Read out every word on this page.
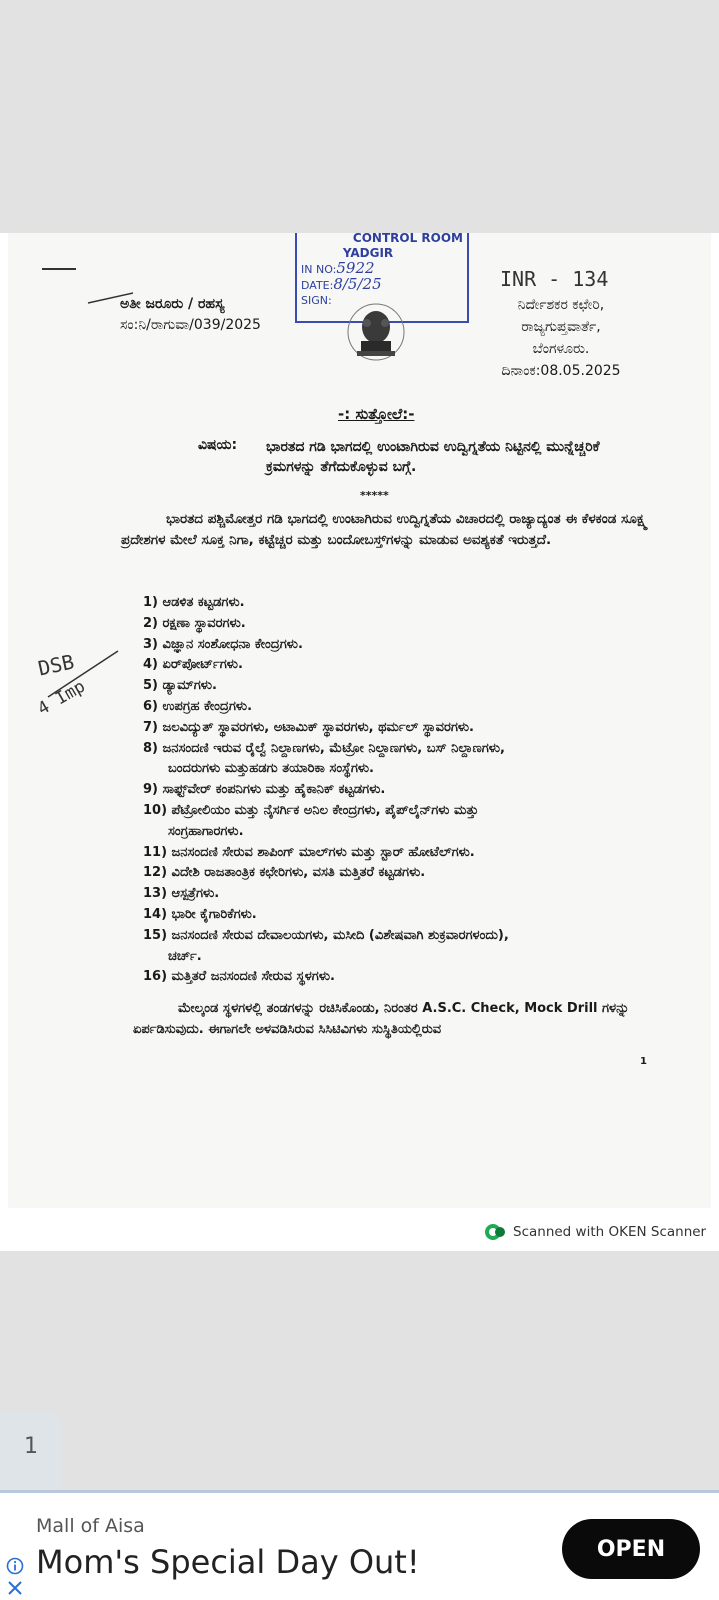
CONTROL ROOM
YADGIR
IN NO:5922
DATE:8/5/25
SIGN:
INR - 134
DSB
4 Imp
ಅತೀ ಜರೂರು / ರಹಸ್ಯ
ಸಂ:ನಿ/ರಾಗುವಾ/039/2025
ನಿರ್ದೇಶಕರ ಕಛೇರಿ,
ರಾಜ್ಯಗುಪ್ತವಾರ್ತೆ,
ಬೆಂಗಳೂರು.
ದಿನಾಂಕ:08.05.2025
-: ಸುತ್ತೋಲೆ:-
ವಿಷಯ: ಭಾರತದ ಗಡಿ ಭಾಗದಲ್ಲಿ ಉಂಟಾಗಿರುವ ಉದ್ವಿಗ್ನತೆಯ ನಿಟ್ಟಿನಲ್ಲಿ ಮುನ್ನೆಚ್ಚರಿಕೆ ಕ್ರಮಗಳನ್ನು ತೆಗೆದುಕೊಳ್ಳುವ ಬಗ್ಗೆ.
*****
ಭಾರತದ ಪಶ್ಚಿಮೋತ್ತರ ಗಡಿ ಭಾಗದಲ್ಲಿ ಉಂಟಾಗಿರುವ ಉದ್ವಿಗ್ನತೆಯ ವಿಚಾರದಲ್ಲಿ ರಾಜ್ಯಾದ್ಯಂತ ಈ ಕೆಳಕಂಡ ಸೂಕ್ಷ್ಮ ಪ್ರದೇಶಗಳ ಮೇಲೆ ಸೂಕ್ತ ನಿಗಾ, ಕಟ್ಟೆಚ್ಚರ ಮತ್ತು ಬಂದೋಬಸ್ತ್‌ಗಳನ್ನು ಮಾಡುವ ಅವಶ್ಯಕತೆ ಇರುತ್ತದೆ.
1) ಆಡಳಿತ ಕಟ್ಟಡಗಳು.
2) ರಕ್ಷಣಾ ಸ್ಥಾವರಗಳು.
3) ವಿಜ್ಞಾನ ಸಂಶೋಧನಾ ಕೇಂದ್ರಗಳು.
4) ಏರ್‌ಪೋರ್ಟ್‌ಗಳು.
5) ಡ್ಯಾಮ್‌ಗಳು.
6) ಉಪಗ್ರಹ ಕೇಂದ್ರಗಳು.
7) ಜಲವಿದ್ಯುತ್ ಸ್ಥಾವರಗಳು, ಅಟಾಮಿಕ್ ಸ್ಥಾವರಗಳು, ಥರ್ಮಲ್ ಸ್ಥಾವರಗಳು.
8) ಜನಸಂದಣಿ ಇರುವ ರೈಲ್ವೆ ನಿಲ್ದಾಣಗಳು, ಮೆಟ್ರೋ ನಿಲ್ದಾಣಗಳು, ಬಸ್ ನಿಲ್ದಾಣಗಳು,
ಬಂದರುಗಳು ಮತ್ತುಹಡಗು ತಯಾರಿಕಾ ಸಂಸ್ಥೆಗಳು.
9) ಸಾಫ್ಟ್‌ವೇರ್ ಕಂಪನಿಗಳು ಮತ್ತು ಹೈಕಾನಿಕ್ ಕಟ್ಟಡಗಳು.
10) ಪೆಟ್ರೋಲಿಯಂ ಮತ್ತು ನೈಸರ್ಗಿಕ ಅನಿಲ ಕೇಂದ್ರಗಳು, ಪೈಪ್‌ಲೈನ್‌ಗಳು ಮತ್ತು
ಸಂಗ್ರಹಾಗಾರಗಳು.
11) ಜನಸಂದಣಿ ಸೇರುವ ಶಾಪಿಂಗ್ ಮಾಲ್‌ಗಳು ಮತ್ತು ಸ್ಟಾರ್ ಹೋಟೆಲ್‌ಗಳು.
12) ವಿದೇಶಿ ರಾಜತಾಂತ್ರಿಕ ಕಛೇರಿಗಳು, ವಸತಿ ಮತ್ತಿತರೆ ಕಟ್ಟಡಗಳು.
13) ಆಸ್ಪತ್ರೆಗಳು.
14) ಭಾರೀ ಕೈಗಾರಿಕೆಗಳು.
15) ಜನಸಂದಣಿ ಸೇರುವ ದೇವಾಲಯಗಳು, ಮಸೀದಿ (ವಿಶೇಷವಾಗಿ ಶುಕ್ರವಾರಗಳಂದು),
ಚರ್ಚ್.
16) ಮತ್ತಿತರೆ ಜನಸಂದಣಿ ಸೇರುವ ಸ್ಥಳಗಳು.
ಮೇಲ್ಕಂಡ ಸ್ಥಳಗಳಲ್ಲಿ ತಂಡಗಳನ್ನು ರಚಿಸಿಕೊಂಡು, ನಿರಂತರ A.S.C. Check, Mock Drill ಗಳನ್ನು ಏರ್ಪಡಿಸುವುದು. ಈಗಾಗಲೇ ಅಳವಡಿಸಿರುವ ಸಿಸಿಟಿವಿಗಳು ಸುಸ್ಥಿತಿಯಲ್ಲಿರುವ
1
Scanned with OKEN Scanner
1
Mall of Aisa
Mom's Special Day Out!	OPEN
